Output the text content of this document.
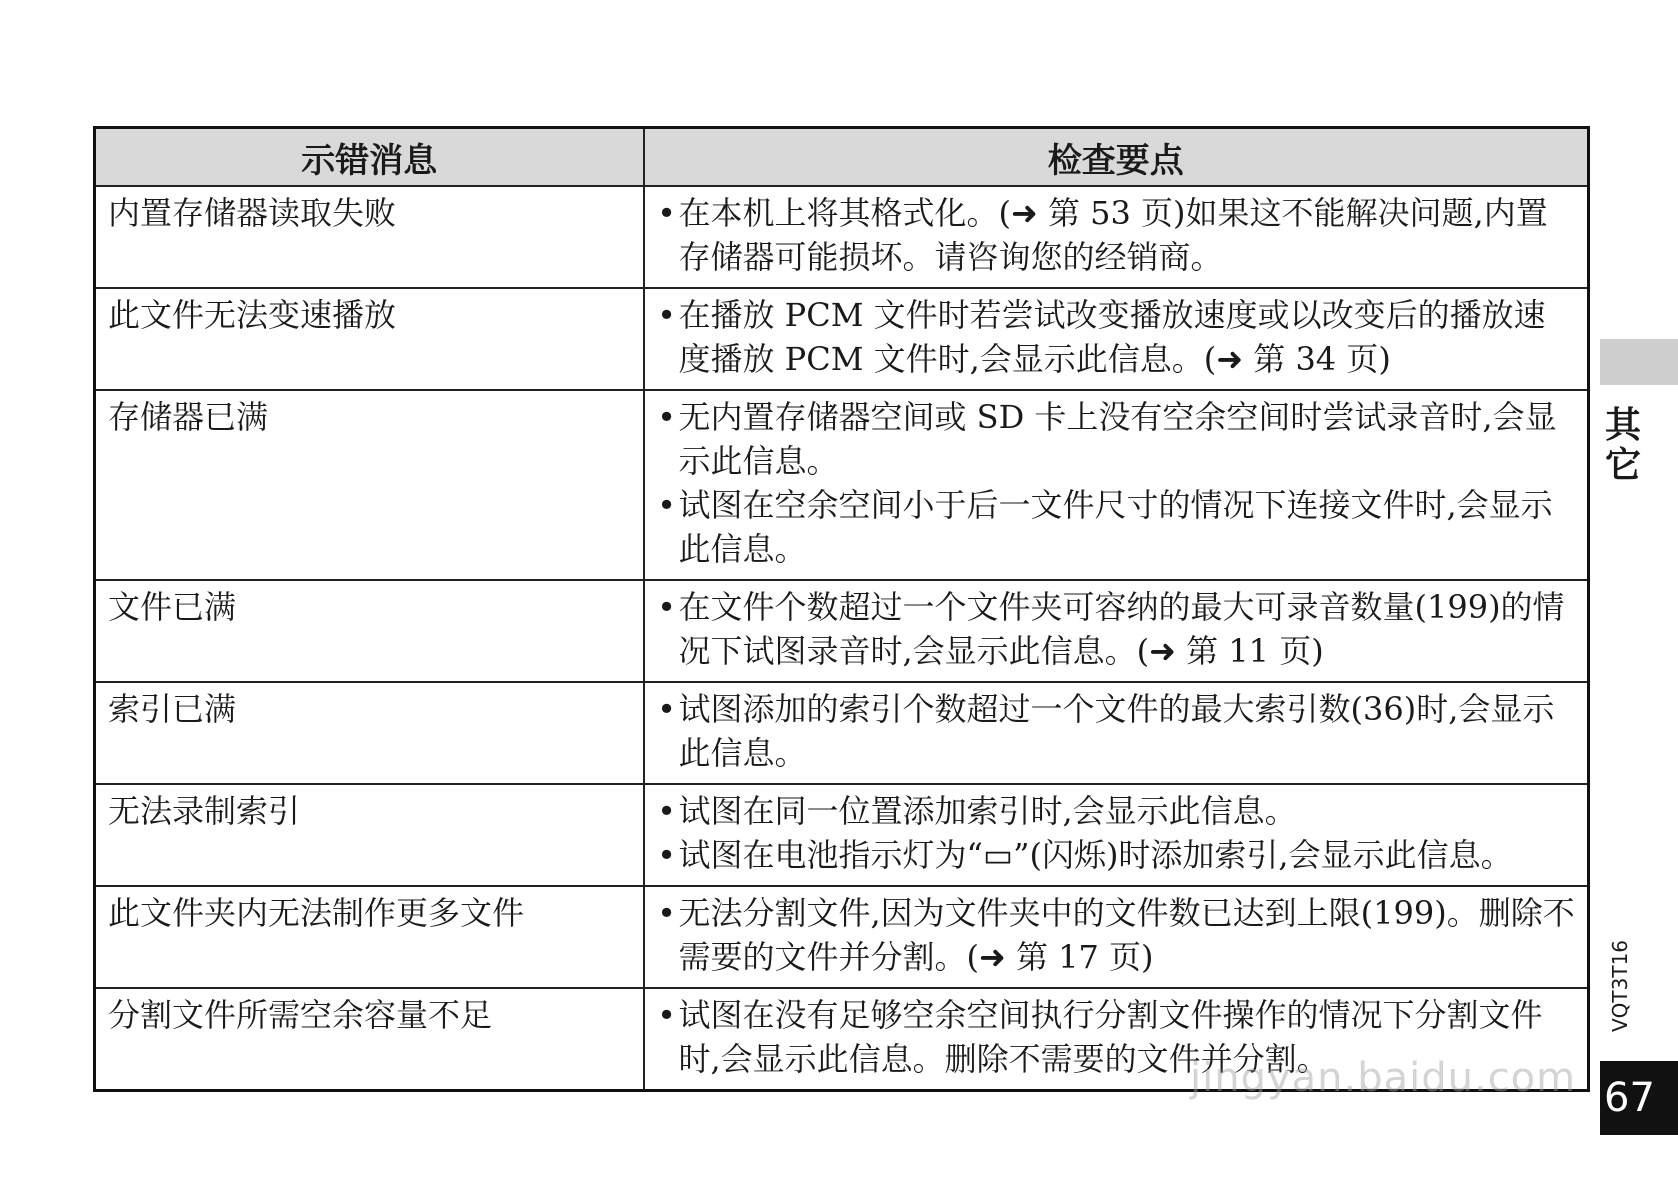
示错消息	检查要点
内置存储器读取失败	• 在本机上将其格式化。(➜ 第 53 页)如果这不能解决问题,内置存储器可能损坏。请咨询您的经销商。

此文件无法变速播放	• 在播放 PCM 文件时若尝试改变播放速度或以改变后的播放速度播放 PCM 文件时,会显示此信息。(➜ 第 34 页)

存储器已满	• 无内置存储器空间或 SD 卡上没有空余空间时尝试录音时,会显示此信息。
• 试图在空余空间小于后一文件尺寸的情况下连接文件时,会显示此信息。

文件已满	• 在文件个数超过一个文件夹可容纳的最大可录音数量(199)的情况下试图录音时,会显示此信息。(➜ 第 11 页)

索引已满	• 试图添加的索引个数超过一个文件的最大索引数(36)时,会显示此信息。

无法录制索引	• 试图在同一位置添加索引时,会显示此信息。
• 试图在电池指示灯为“▭”(闪烁)时添加索引,会显示此信息。

此文件夹内无法制作更多文件	• 无法分割文件,因为文件夹中的文件数已达到上限(199)。删除不需要的文件并分割。(➜ 第 17 页)

分割文件所需空余容量不足	• 试图在没有足够空余空间执行分割文件操作的情况下分割文件时,会显示此信息。删除不需要的文件并分割。
其它
VQT3T16
67
jingyan.baidu.com
